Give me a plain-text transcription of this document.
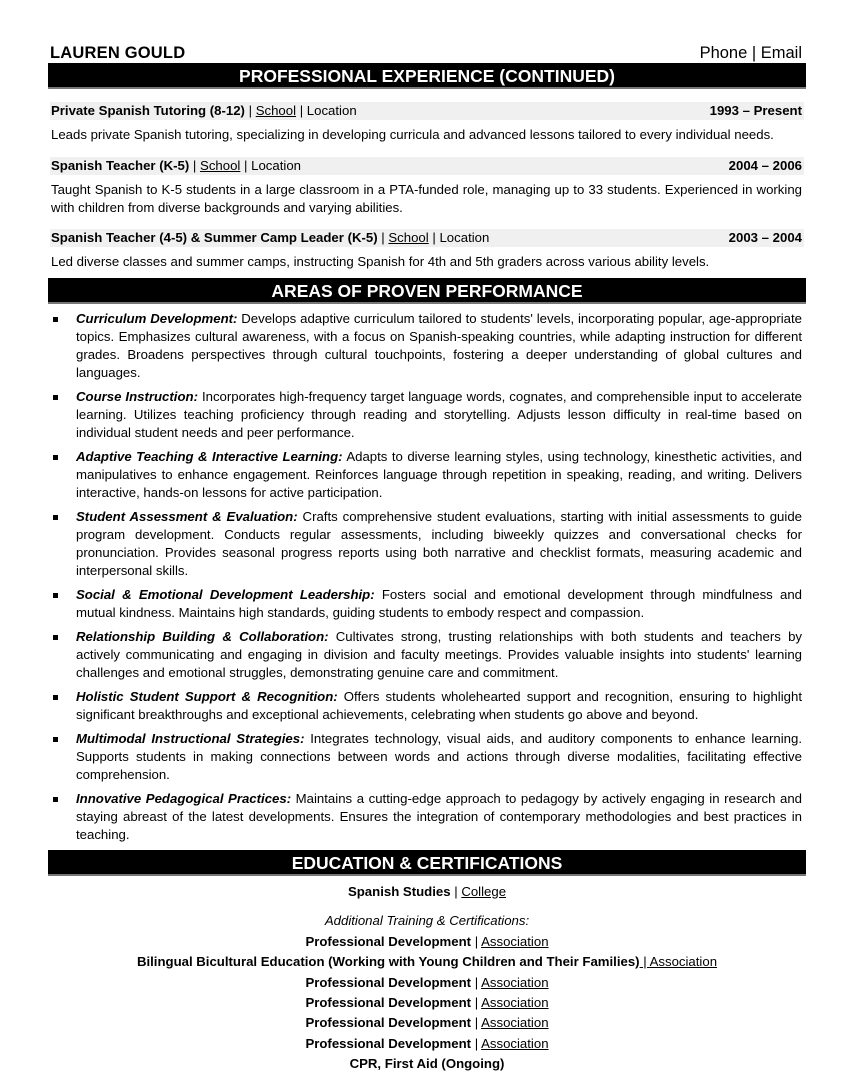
LAUREN GOULD	Phone | Email
PROFESSIONAL EXPERIENCE (CONTINUED)
Private Spanish Tutoring (8-12) | School | Location	1993 – Present

Leads private Spanish tutoring, specializing in developing curricula and advanced lessons tailored to every individual needs.

Spanish Teacher (K-5) | School | Location	2004 – 2006

Taught Spanish to K-5 students in a large classroom in a PTA-funded role, managing up to 33 students. Experienced in working with children from diverse backgrounds and varying abilities.

Spanish Teacher (4-5) & Summer Camp Leader (K-5) | School | Location	2003 – 2004

Led diverse classes and summer camps, instructing Spanish for 4th and 5th graders across various ability levels.

AREAS OF PROVEN PERFORMANCE
Curriculum Development: Develops adaptive curriculum tailored to students' levels, incorporating popular, age-appropriate topics. Emphasizes cultural awareness, with a focus on Spanish-speaking countries, while adapting instruction for different grades. Broadens perspectives through cultural touchpoints, fostering a deeper understanding of global cultures and languages.
Course Instruction: Incorporates high-frequency target language words, cognates, and comprehensible input to accelerate learning. Utilizes teaching proficiency through reading and storytelling. Adjusts lesson difficulty in real-time based on individual student needs and peer performance.
Adaptive Teaching & Interactive Learning: Adapts to diverse learning styles, using technology, kinesthetic activities, and manipulatives to enhance engagement. Reinforces language through repetition in speaking, reading, and writing. Delivers interactive, hands-on lessons for active participation.
Student Assessment & Evaluation: Crafts comprehensive student evaluations, starting with initial assessments to guide program development. Conducts regular assessments, including biweekly quizzes and conversational checks for pronunciation. Provides seasonal progress reports using both narrative and checklist formats, measuring academic and interpersonal skills.
Social & Emotional Development Leadership: Fosters social and emotional development through mindfulness and mutual kindness. Maintains high standards, guiding students to embody respect and compassion.
Relationship Building & Collaboration: Cultivates strong, trusting relationships with both students and teachers by actively communicating and engaging in division and faculty meetings. Provides valuable insights into students' learning challenges and emotional struggles, demonstrating genuine care and commitment.
Holistic Student Support & Recognition: Offers students wholehearted support and recognition, ensuring to highlight significant breakthroughs and exceptional achievements, celebrating when students go above and beyond.
Multimodal Instructional Strategies: Integrates technology, visual aids, and auditory components to enhance learning. Supports students in making connections between words and actions through diverse modalities, facilitating effective comprehension.
Innovative Pedagogical Practices: Maintains a cutting-edge approach to pedagogy by actively engaging in research and staying abreast of the latest developments. Ensures the integration of contemporary methodologies and best practices in teaching.
EDUCATION & CERTIFICATIONS
Spanish Studies | College
Additional Training & Certifications:
Professional Development | Association
Bilingual Bicultural Education (Working with Young Children and Their Families) | Association
Professional Development | Association
Professional Development | Association
Professional Development | Association
Professional Development | Association
CPR, First Aid (Ongoing)
